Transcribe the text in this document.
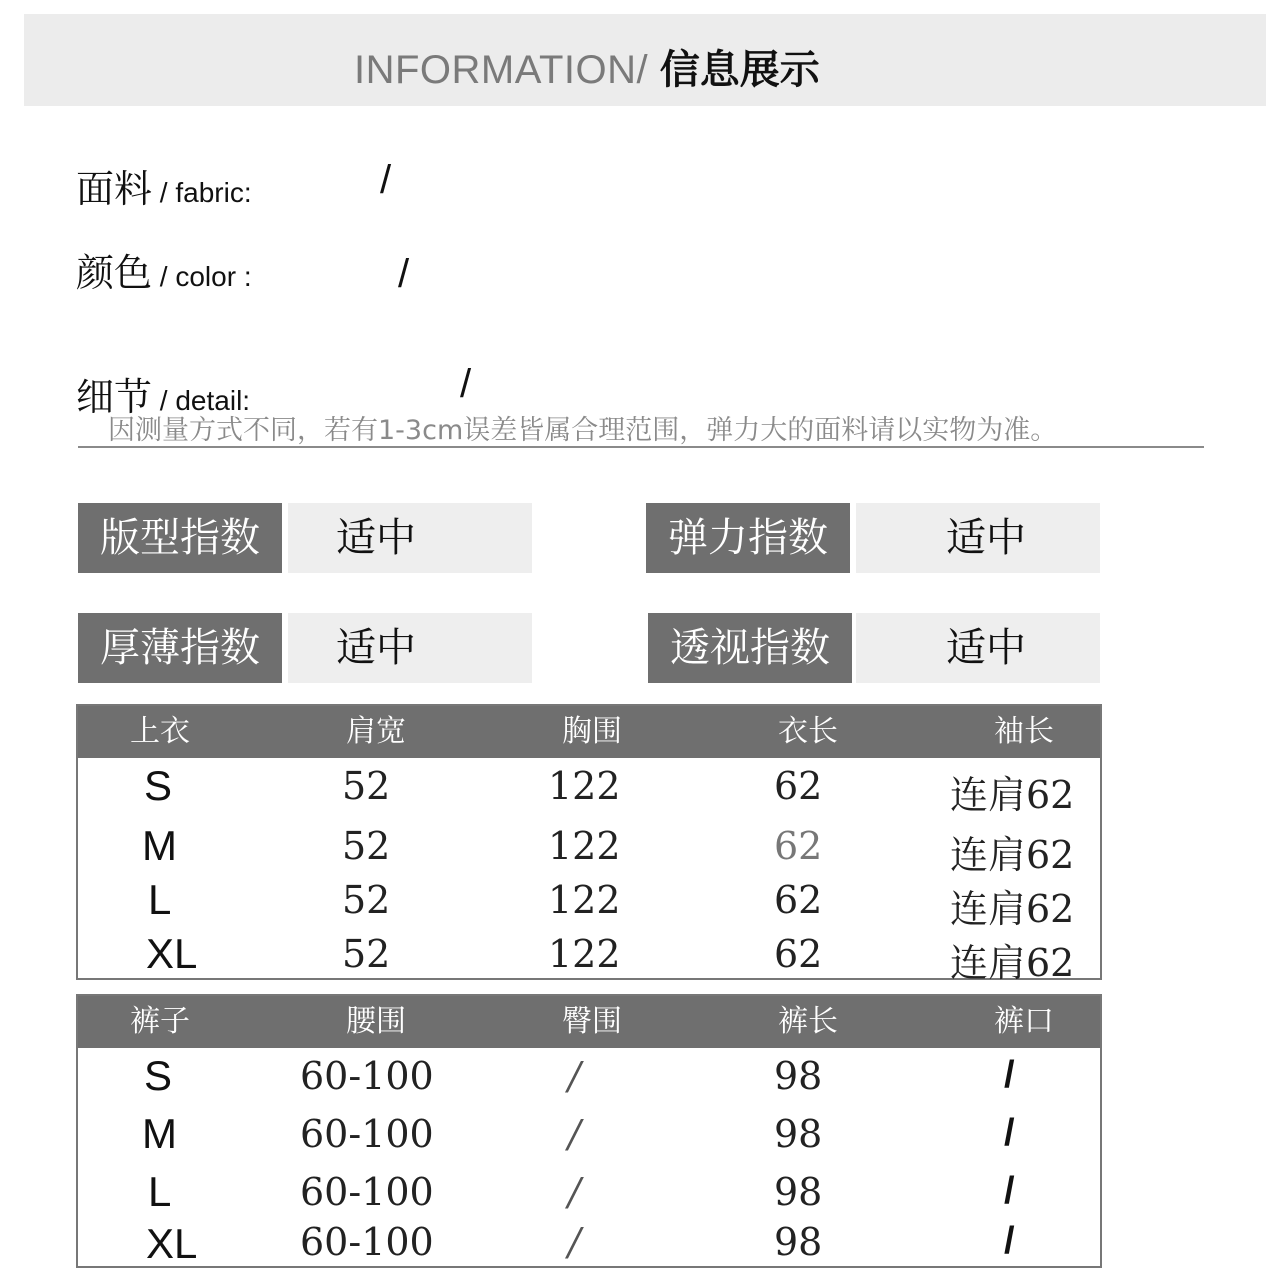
INFORMATION/ 信息展示
面料 / fabric:	/
颜色 / color :	/
细节 / detail:	/
因测量方式不同，若有1-3cm误差皆属合理范围，弹力大的面料请以实物为准。
版型指数	适中	弹力指数	适中
厚薄指数	适中	透视指数	适中
上衣	肩宽	胸围	衣长	袖长
S	52	122	62	连肩62
M	52	122	62	连肩62
L	52	122	62	连肩62
XL	52	122	62	连肩62
裤子	腰围	臀围	裤长	裤口
S	60-100	/	98	/
M	60-100	/	98	/
L	60-100	/	98	/
XL	60-100	/	98	/
